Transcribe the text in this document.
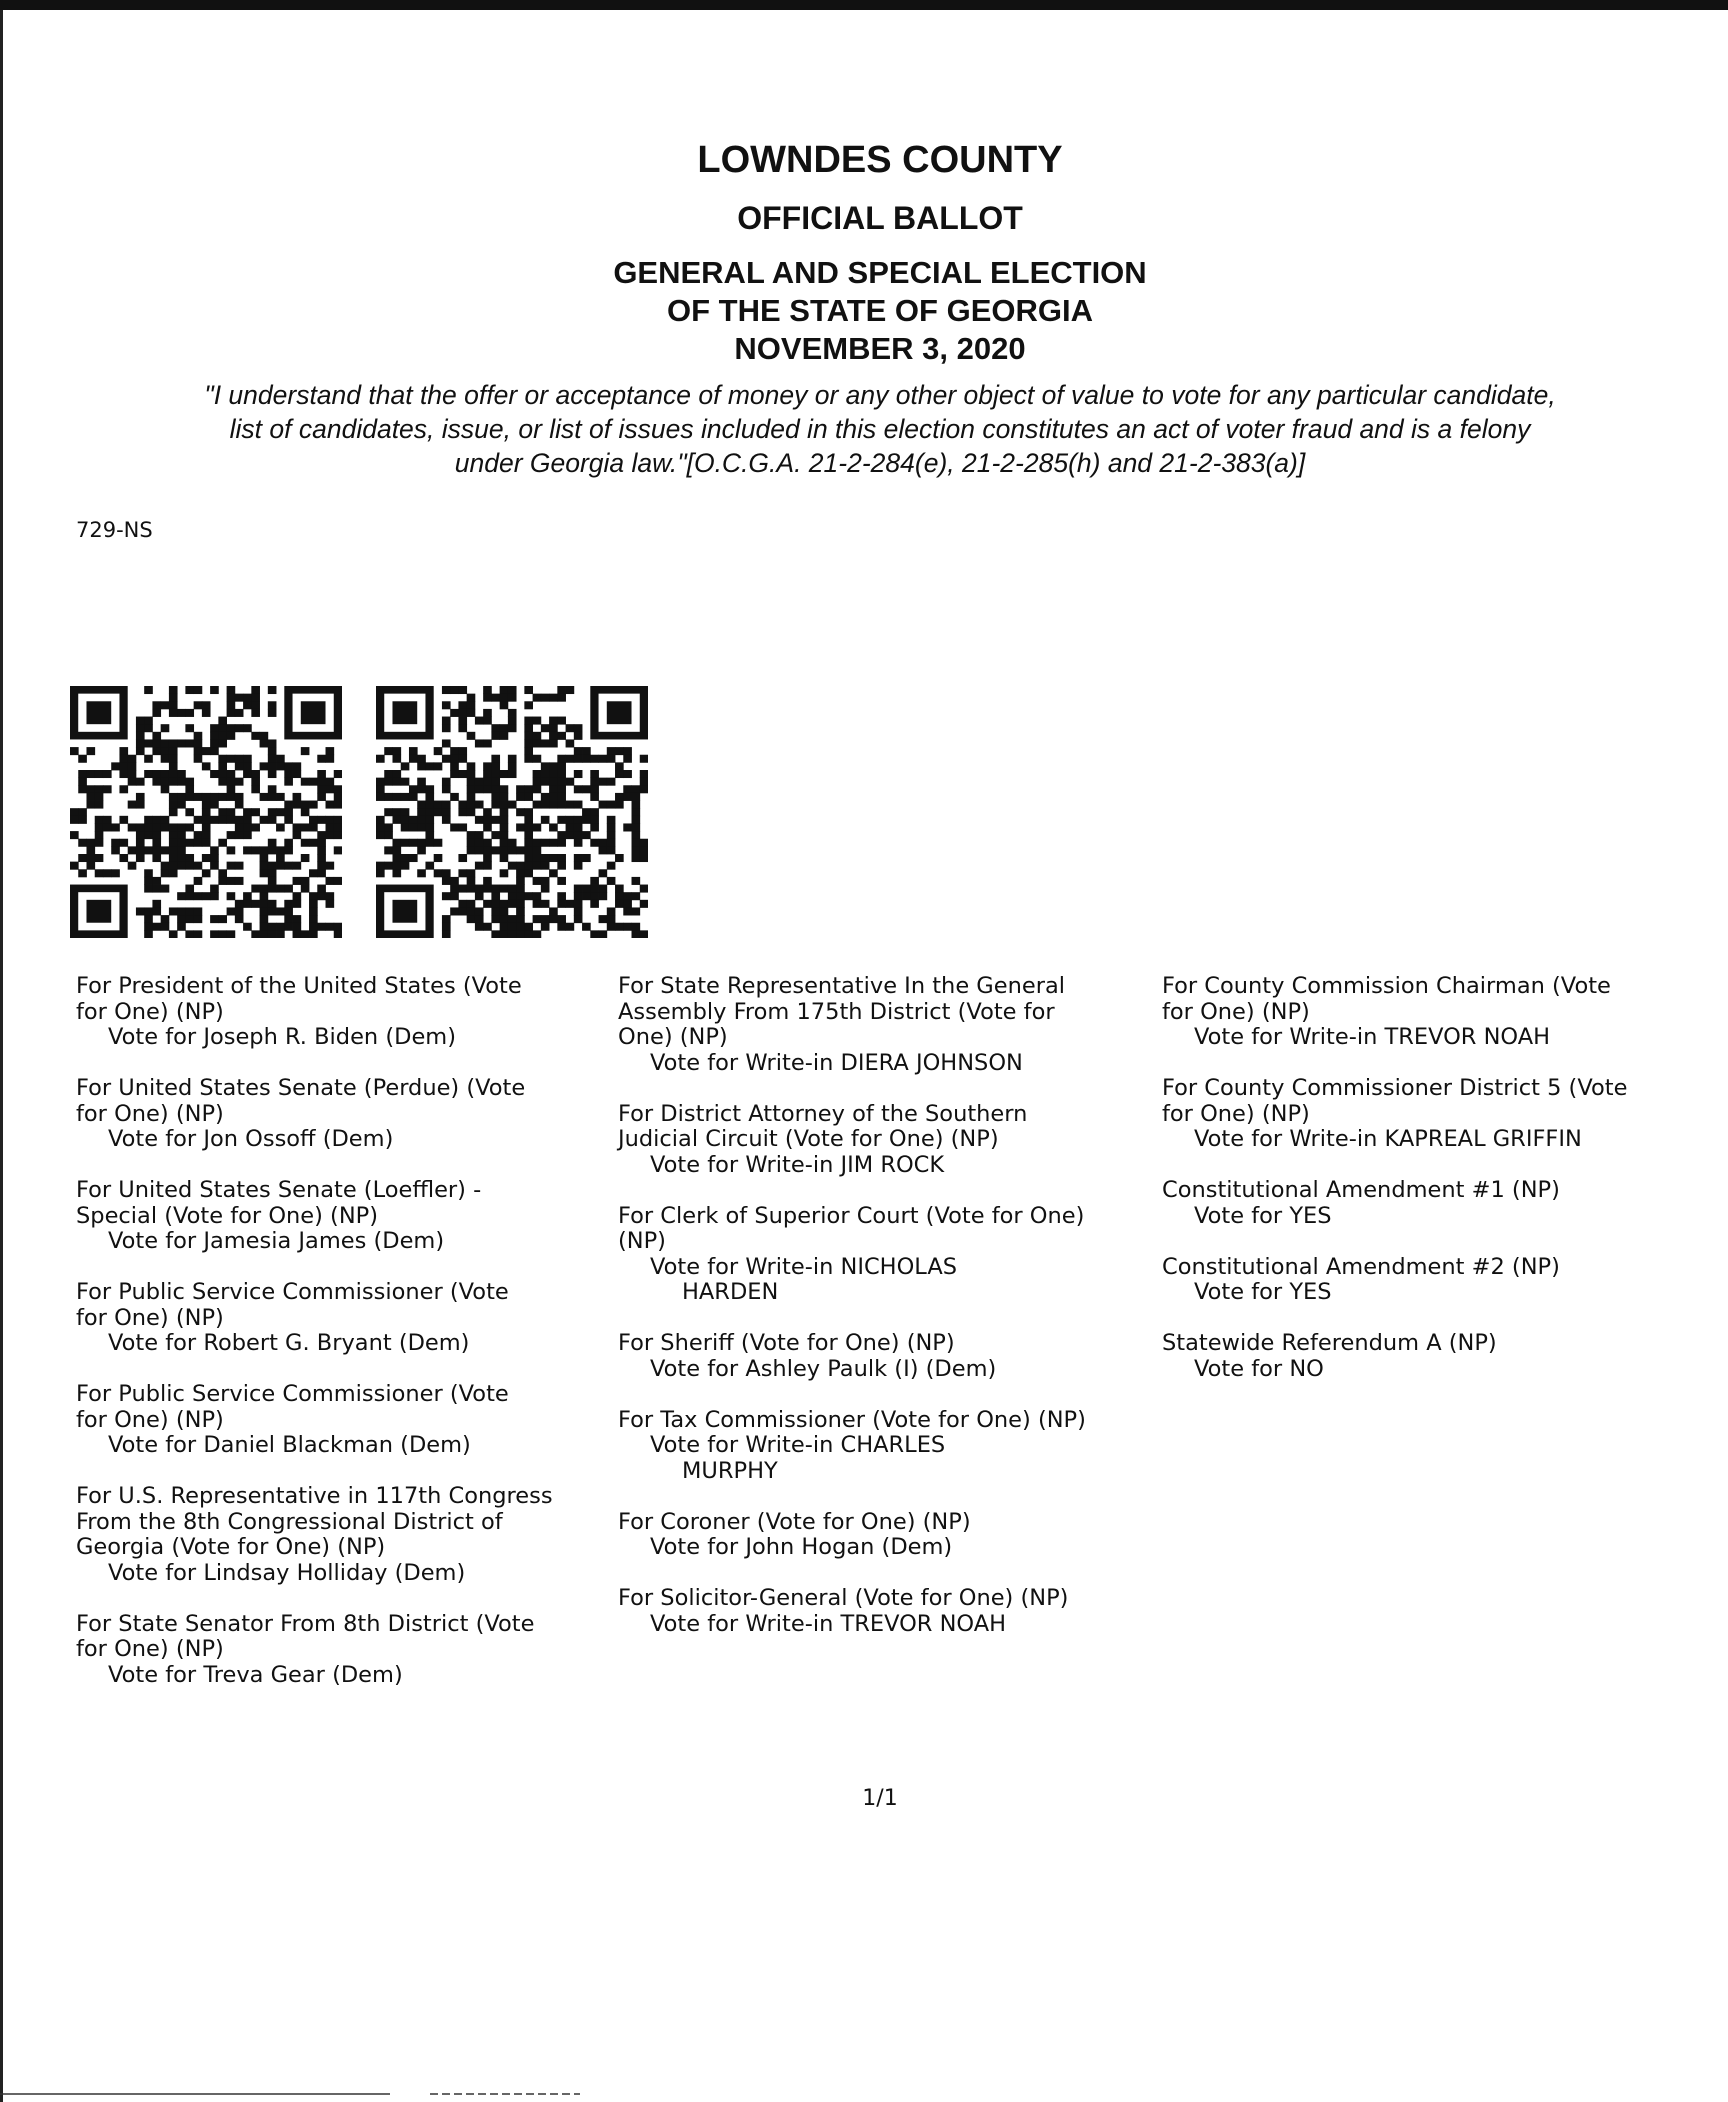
LOWNDES COUNTY
OFFICIAL BALLOT
GENERAL AND SPECIAL ELECTION
OF THE STATE OF GEORGIA
NOVEMBER 3, 2020
"I understand that the offer or acceptance of money or any other object of value to vote for any particular candidate,
list of candidates, issue, or list of issues included in this election constitutes an act of voter fraud and is a felony
under Georgia law."[O.C.G.A. 21-2-284(e), 21-2-285(h) and 21-2-383(a)]
729-NS
For President of the United States (Vote
for One) (NP)
Vote for Joseph R. Biden (Dem)
For United States Senate (Perdue) (Vote
for One) (NP)
Vote for Jon Ossoff (Dem)
For United States Senate (Loeffler) -
Special (Vote for One) (NP)
Vote for Jamesia James (Dem)
For Public Service Commissioner (Vote
for One) (NP)
Vote for Robert G. Bryant (Dem)
For Public Service Commissioner (Vote
for One) (NP)
Vote for Daniel Blackman (Dem)
For U.S. Representative in 117th Congress
From the 8th Congressional District of
Georgia (Vote for One) (NP)
Vote for Lindsay Holliday (Dem)
For State Senator From 8th District (Vote
for One) (NP)
Vote for Treva Gear (Dem)
For State Representative In the General
Assembly From 175th District (Vote for
One) (NP)
Vote for Write-in DIERA JOHNSON
For District Attorney of the Southern
Judicial Circuit (Vote for One) (NP)
Vote for Write-in JIM ROCK
For Clerk of Superior Court (Vote for One)
(NP)
Vote for Write-in NICHOLAS
HARDEN
For Sheriff (Vote for One) (NP)
Vote for Ashley Paulk (I) (Dem)
For Tax Commissioner (Vote for One) (NP)
Vote for Write-in CHARLES
MURPHY
For Coroner (Vote for One) (NP)
Vote for John Hogan (Dem)
For Solicitor-General (Vote for One) (NP)
Vote for Write-in TREVOR NOAH
For County Commission Chairman (Vote
for One) (NP)
Vote for Write-in TREVOR NOAH
For County Commissioner District 5 (Vote
for One) (NP)
Vote for Write-in KAPREAL GRIFFIN
Constitutional Amendment #1 (NP)
Vote for YES
Constitutional Amendment #2 (NP)
Vote for YES
Statewide Referendum A (NP)
Vote for NO
1/1
